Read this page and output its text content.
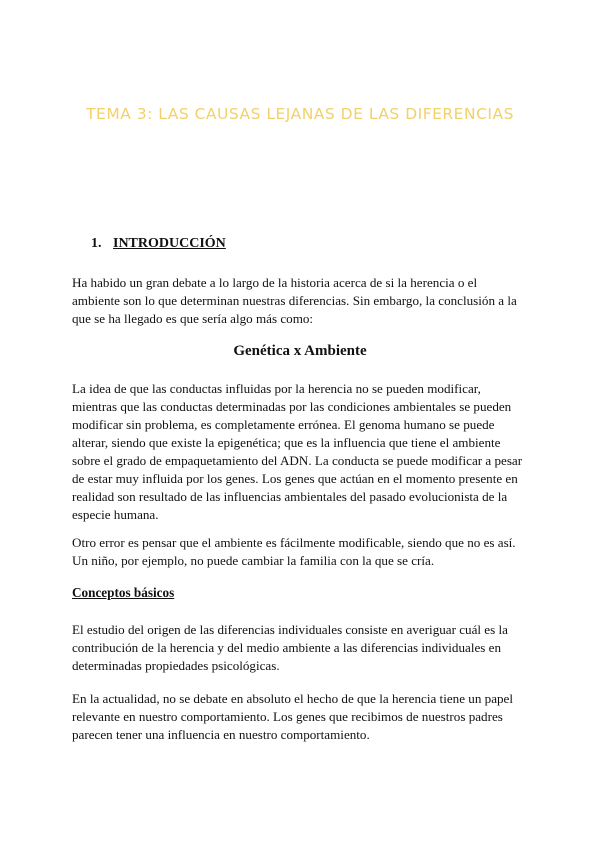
TEMA 3: LAS CAUSAS LEJANAS DE LAS DIFERENCIAS
1. INTRODUCCIÓN

Ha habido un gran debate a lo largo de la historia acerca de si la herencia o el
ambiente son lo que determinan nuestras diferencias. Sin embargo, la conclusión a la
que se ha llegado es que sería algo más como:

Genética x Ambiente

La idea de que las conductas influidas por la herencia no se pueden modificar,
mientras que las conductas determinadas por las condiciones ambientales se pueden
modificar sin problema, es completamente errónea. El genoma humano se puede
alterar, siendo que existe la epigenética; que es la influencia que tiene el ambiente
sobre el grado de empaquetamiento del ADN. La conducta se puede modificar a pesar
de estar muy influida por los genes. Los genes que actúan en el momento presente en
realidad son resultado de las influencias ambientales del pasado evolucionista de la
especie humana.

Otro error es pensar que el ambiente es fácilmente modificable, siendo que no es así.
Un niño, por ejemplo, no puede cambiar la familia con la que se cría.

Conceptos básicos

El estudio del origen de las diferencias individuales consiste en averiguar cuál es la
contribución de la herencia y del medio ambiente a las diferencias individuales en
determinadas propiedades psicológicas.

En la actualidad, no se debate en absoluto el hecho de que la herencia tiene un papel
relevante en nuestro comportamiento. Los genes que recibimos de nuestros padres
parecen tener una influencia en nuestro comportamiento.
